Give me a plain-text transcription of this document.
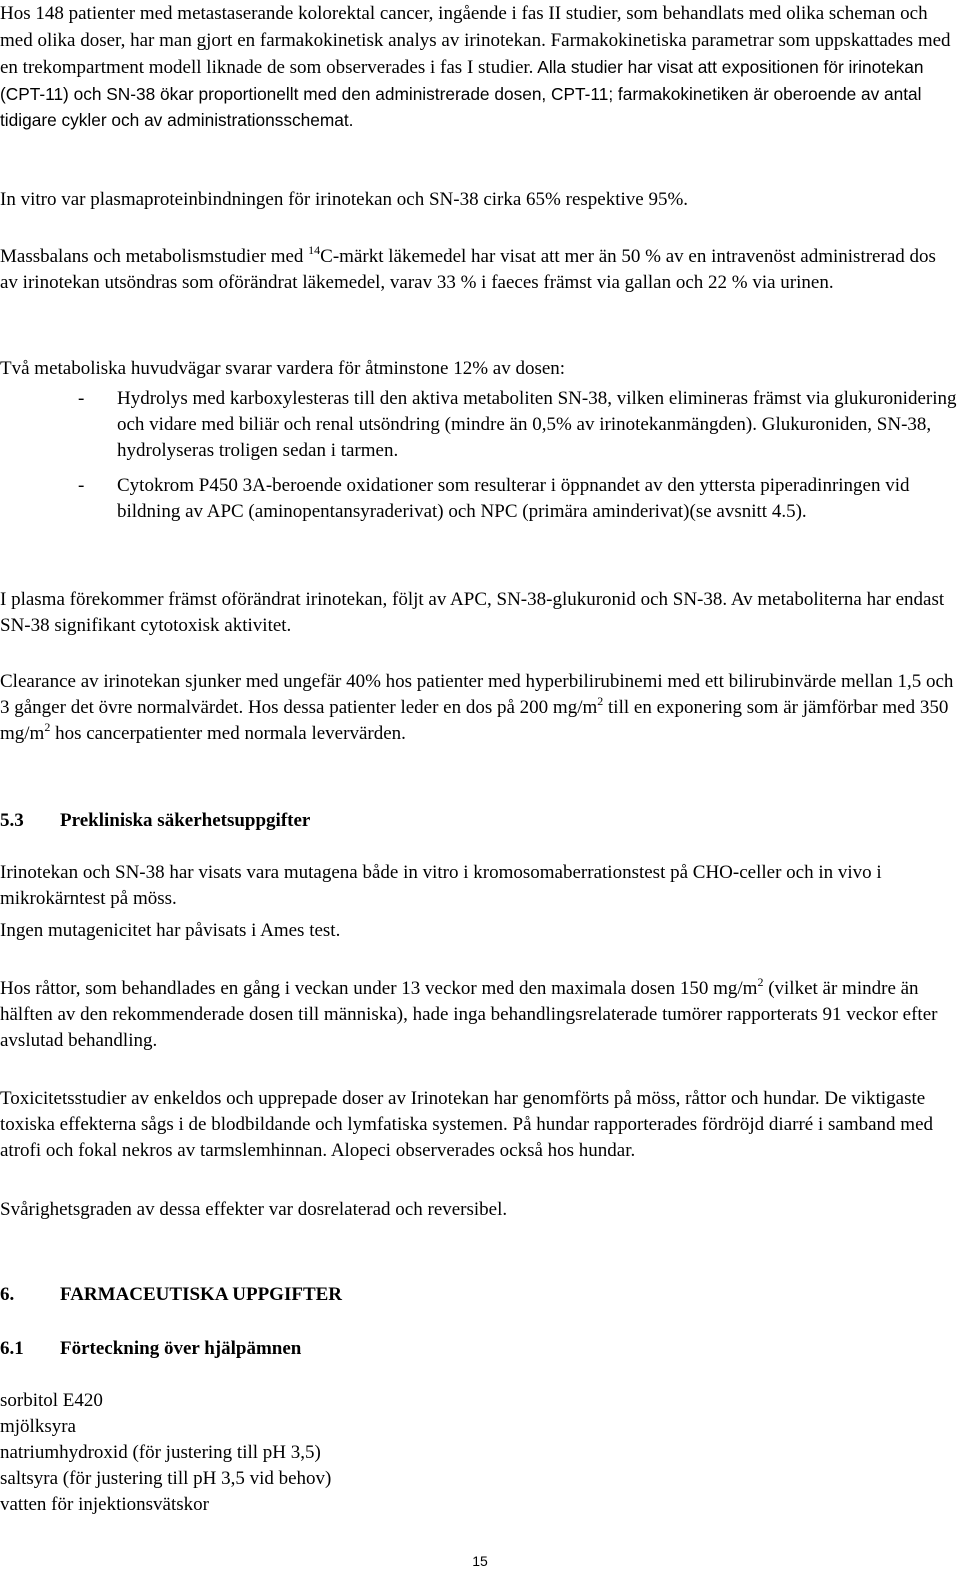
Hos 148 patienter med metastaserande kolorektal cancer, ingående i fas II studier, som behandlats med olika scheman och med olika doser, har man gjort en farmakokinetisk analys av irinotekan. Farmakokinetiska parametrar som uppskattades med en trekompartment modell liknade de som observerades i fas I studier. Alla studier har visat att expositionen för irinotekan (CPT-11) och SN-38 ökar proportionellt med den administrerade dosen, CPT-11; farmakokinetiken är oberoende av antal tidigare cykler och av administrationsschemat.

In vitro var plasmaproteinbindningen för irinotekan och SN-38 cirka 65% respektive 95%.

Massbalans och metabolismstudier med $^{14}$C-märkt läkemedel har visat att mer än 50 % av en intravenöst administrerad dos av irinotekan utsöndras som oförändrat läkemedel, varav 33 % i faeces främst via gallan och 22 % via urinen.

Två metaboliska huvudvägar svarar vardera för åtminstone 12% av dosen:

- Hydrolys med karboxylesteras till den aktiva metaboliten SN-38, vilken elimineras främst via glukuronidering och vidare med biliär och renal utsöndring (mindre än 0,5% av irinotekanmängden). Glukuroniden, SN-38, hydrolyseras troligen sedan i tarmen.
- Cytokrom P450 3A-beroende oxidationer som resulterar i öppnandet av den yttersta piperadinringen vid bildning av APC (aminopentansyraderivat) och NPC (primära aminderivat)(se avsnitt 4.5).

I plasma förekommer främst oförändrat irinotekan, följt av APC, SN-38-glukuronid och SN-38. Av metaboliterna har endast SN-38 signifikant cytotoxisk aktivitet.

Clearance av irinotekan sjunker med ungefär 40% hos patienter med hyperbilirubinemi med ett bilirubinvärde mellan 1,5 och 3 gånger det övre normalvärdet. Hos dessa patienter leder en dos på 200 $mg/m^2$ till en exponering som är jämförbar med 350 $mg/m^2$ hos cancerpatienter med normala levervärden.

5.3 Prekliniska säkerhetsuppgifter

Irinotekan och SN-38 har visats vara mutagena både in vitro i kromosomaberrationstest på CHO-celler och in vivo i mikrokärntest på möss.

Ingen mutagenicitet har påvisats i Ames test.

Hos råttor, som behandlades en gång i veckan under 13 veckor med den maximala dosen 150 $mg/m^2$ (vilket är mindre än hälften av den rekommenderade dosen till människa), hade inga behandlingsrelaterade tumörer rapporterats 91 veckor efter avslutad behandling.

Toxicitetsstudier av enkeldos och upprepade doser av Irinotekan har genomförts på möss, råttor och hundar. De viktigaste toxiska effekterna sågs i de blodbildande och lymfatiska systemen. På hundar rapporterades fördröjd diarré i samband med atrofi och fokal nekros av tarmslemhinnan. Alopeci observerades också hos hundar.

Svårighetsgraden av dessa effekter var dosrelaterad och reversibel.

6. FARMACEUTISKA UPPGIFTER
6.1 Förteckning över hjälpämnen
sorbitol E420
mjölksyra
natriumhydroxid (för justering till pH 3,5)
saltsyra (för justering till pH 3,5 vid behov)
vatten för injektionsvätskor
15
